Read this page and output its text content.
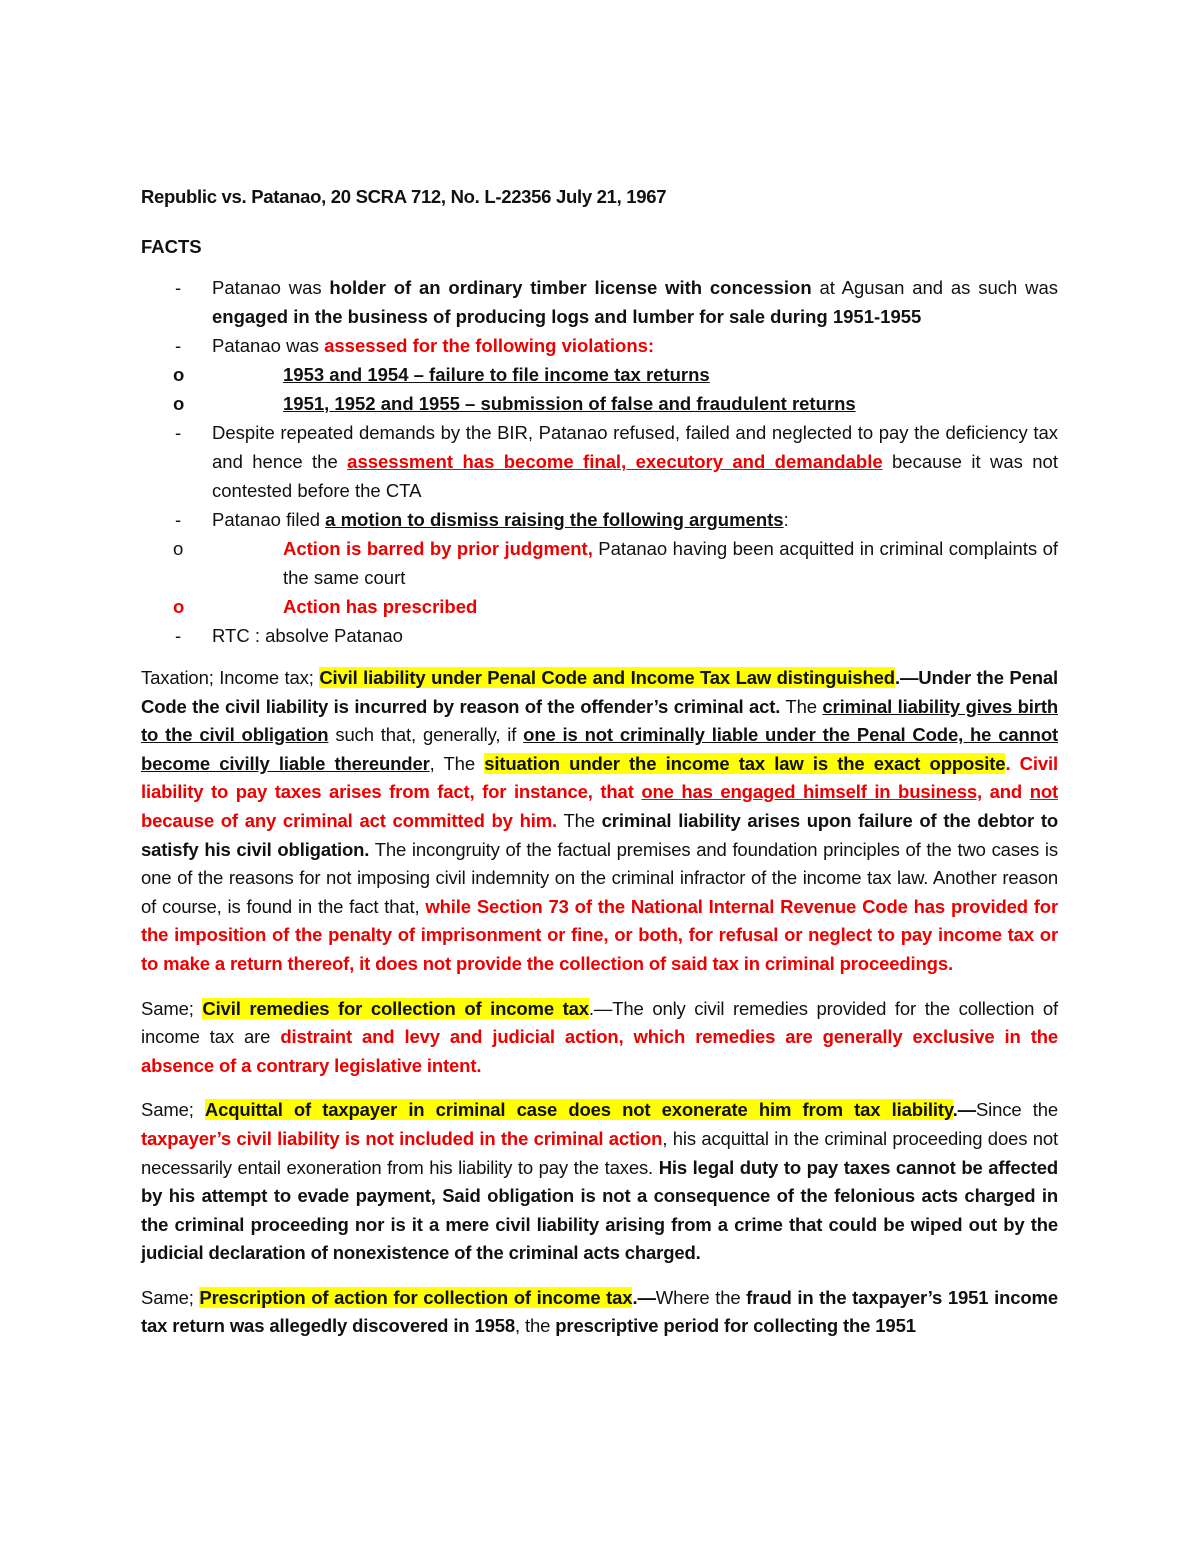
Republic vs. Patanao, 20 SCRA 712, No. L-22356 July 21, 1967

FACTS

- Patanao was holder of an ordinary timber license with concession at Agusan and as such was engaged in the business of producing logs and lumber for sale during 1951-1955
- Patanao was assessed for the following violations:
o	1953 and 1954 – failure to file income tax returns
o	1951, 1952 and 1955 – submission of false and fraudulent returns
- Despite repeated demands by the BIR, Patanao refused, failed and neglected to pay the deficiency tax and hence the assessment has become final, executory and demandable because it was not contested before the CTA
- Patanao filed a motion to dismiss raising the following arguments:
o	Action is barred by prior judgment, Patanao having been acquitted in criminal complaints of the same court
o	Action has prescribed
- RTC : absolve Patanao

Taxation; Income tax; Civil liability under Penal Code and Income Tax Law distinguished.—Under the Penal Code the civil liability is incurred by reason of the offender’s criminal act. The criminal liability gives birth to the civil obligation such that, generally, if one is not criminally liable under the Penal Code, he cannot become civilly liable thereunder, The situation under the income tax law is the exact opposite. Civil liability to pay taxes arises from fact, for instance, that one has engaged himself in business, and not because of any criminal act committed by him. The criminal liability arises upon failure of the debtor to satisfy his civil obligation. The incongruity of the factual premises and foundation principles of the two cases is one of the reasons for not imposing civil indemnity on the criminal infractor of the income tax law. Another reason of course, is found in the fact that, while Section 73 of the National Internal Revenue Code has provided for the imposition of the penalty of imprisonment or fine, or both, for refusal or neglect to pay income tax or to make a return thereof, it does not provide the collection of said tax in criminal proceedings.

Same; Civil remedies for collection of income tax.—The only civil remedies provided for the collection of income tax are distraint and levy and judicial action, which remedies are generally exclusive in the absence of a contrary legislative intent.

Same; Acquittal of taxpayer in criminal case does not exonerate him from tax liability.—Since the taxpayer’s civil liability is not included in the criminal action, his acquittal in the criminal proceeding does not necessarily entail exoneration from his liability to pay the taxes. His legal duty to pay taxes cannot be affected by his attempt to evade payment, Said obligation is not a consequence of the felonious acts charged in the criminal proceeding nor is it a mere civil liability arising from a crime that could be wiped out by the judicial declaration of nonexistence of the criminal acts charged.

Same; Prescription of action for collection of income tax.—Where the fraud in the taxpayer’s 1951 income tax return was allegedly discovered in 1958, the prescriptive period for collecting the 1951
